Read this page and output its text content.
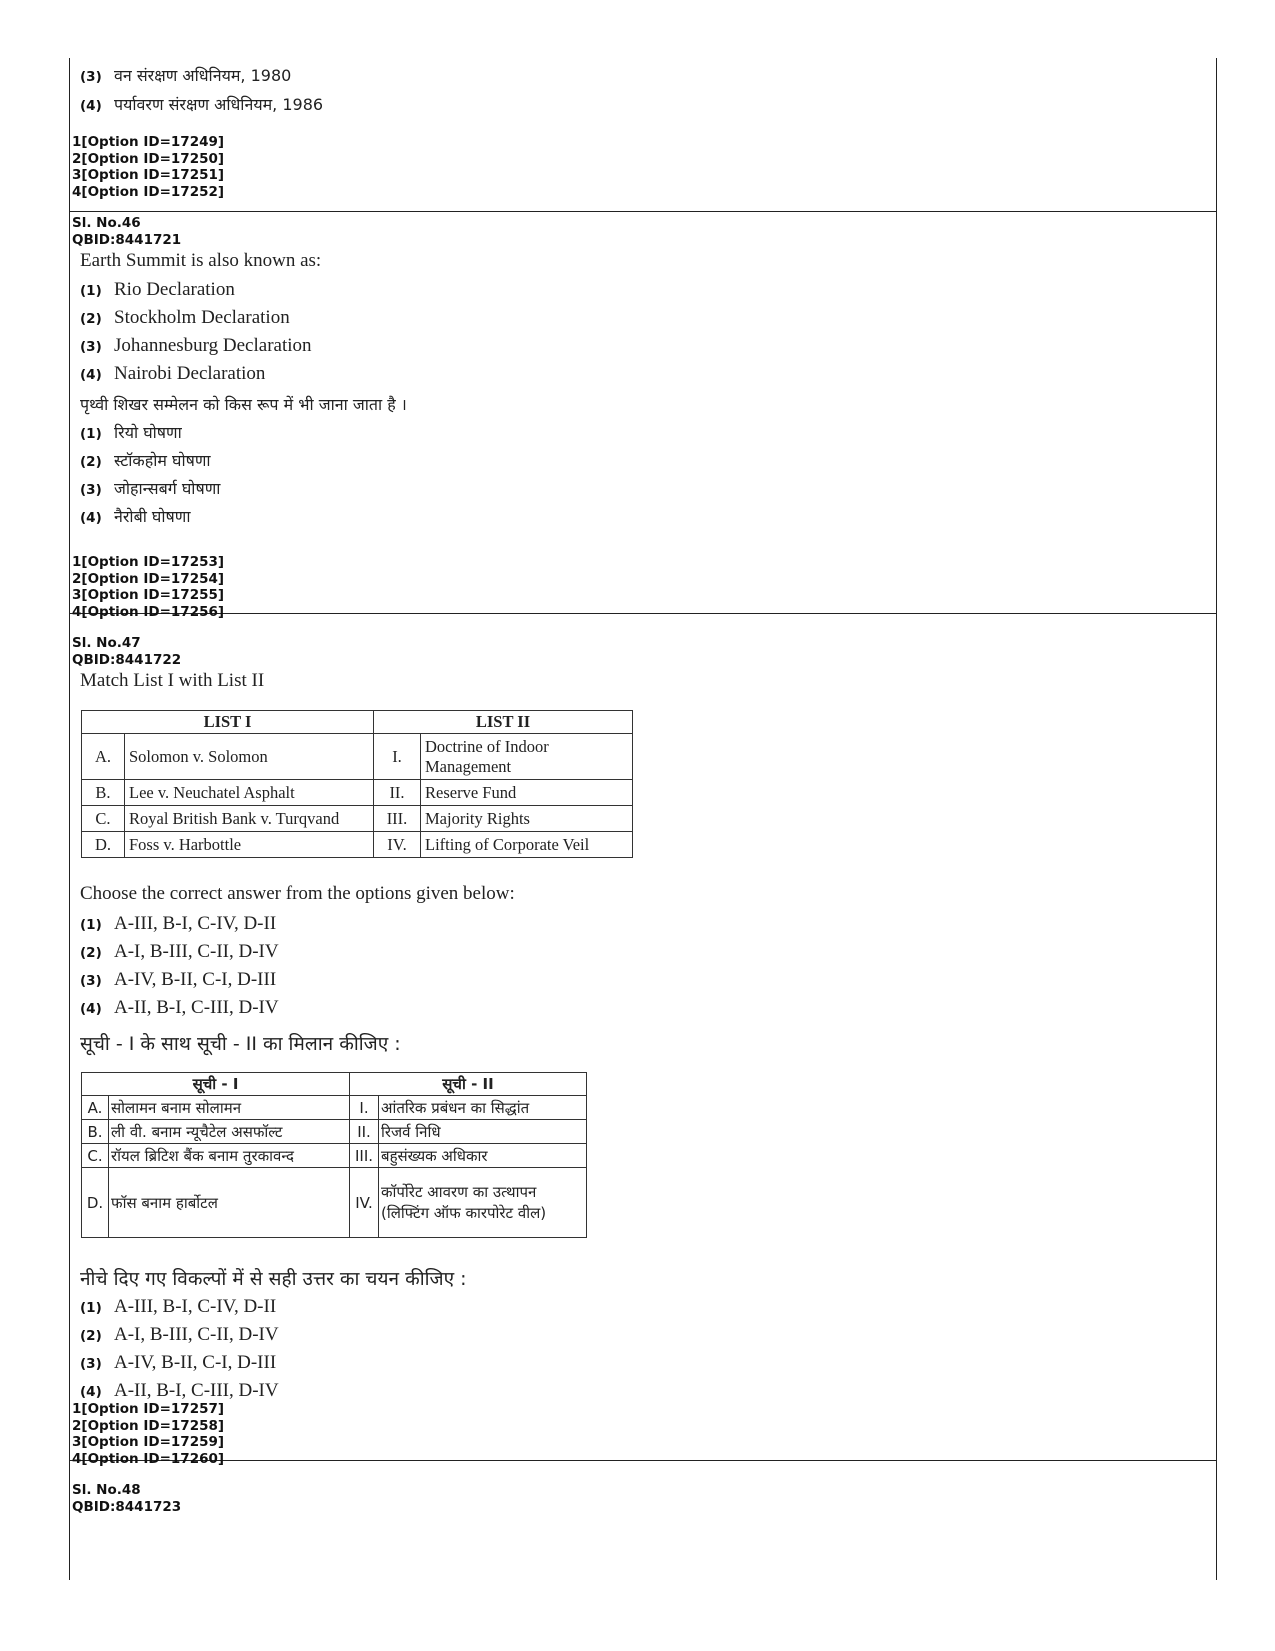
(3) वन संरक्षण अधिनियम, 1980
(4) पर्यावरण संरक्षण अधिनियम, 1986
1[Option ID=17249]
2[Option ID=17250]
3[Option ID=17251]
4[Option ID=17252]
Sl. No.46
QBID:8441721
Earth Summit is also known as:
(1) Rio Declaration
(2) Stockholm Declaration
(3) Johannesburg Declaration
(4) Nairobi Declaration
पृथ्वी शिखर सम्मेलन को किस रूप में भी जाना जाता है ।
(1) रियो घोषणा
(2) स्टॉकहोम घोषणा
(3) जोहान्सबर्ग घोषणा
(4) नैरोबी घोषणा
1[Option ID=17253]
2[Option ID=17254]
3[Option ID=17255]
4[Option ID=17256]
Sl. No.47
QBID:8441722
Match List I with List II
LIST I		LIST II	
A.	Solomon v. Solomon	I.	Doctrine of Indoor Management
B.	Lee v. Neuchatel Asphalt	II.	Reserve Fund
C.	Royal British Bank v. Turqvand	III.	Majority Rights
D.	Foss v. Harbottle	IV.	Lifting of Corporate Veil
Choose the correct answer from the options given below:
(1) A-III, B-I, C-IV, D-II
(2) A-I, B-III, C-II, D-IV
(3) A-IV, B-II, C-I, D-III
(4) A-II, B-I, C-III, D-IV
सूची - I के साथ सूची - II का मिलान कीजिए :
सूची - I		सूची - II	
A.	सोलामन बनाम सोलामन	I.	आंतरिक प्रबंधन का सिद्धांत
B.	ली वी. बनाम न्यूचैटेल असफॉल्ट	II.	रिजर्व निधि
C.	रॉयल ब्रिटिश बैंक बनाम तुरकावन्द	III.	बहुसंख्यक अधिकार
D.	फॉस बनाम हार्बोटल	IV.	कॉर्पोरेट आवरण का उत्थापन (लिफ्टिंग ऑफ कारपोरेट वील)
नीचे दिए गए विकल्पों में से सही उत्तर का चयन कीजिए :
(1) A-III, B-I, C-IV, D-II
(2) A-I, B-III, C-II, D-IV
(3) A-IV, B-II, C-I, D-III
(4) A-II, B-I, C-III, D-IV
1[Option ID=17257]
2[Option ID=17258]
3[Option ID=17259]
4[Option ID=17260]
Sl. No.48
QBID:8441723
